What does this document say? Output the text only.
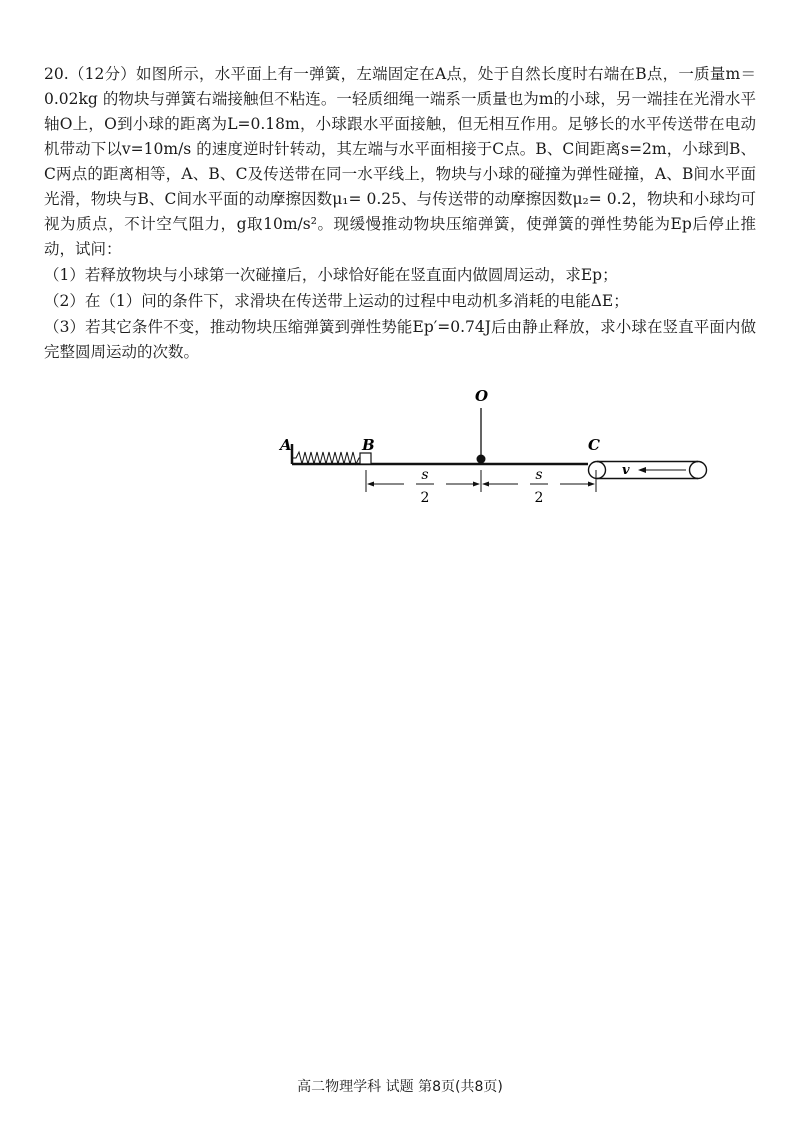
20.（12分）如图所示，水平面上有一弹簧，左端固定在A点，处于自然长度时右端在B点，一质量m＝0.02kg 的物块与弹簧右端接触但不粘连。一轻质细绳一端系一质量也为m的小球，另一端挂在光滑水平轴O上，O到小球的距离为L=0.18m，小球跟水平面接触，但无相互作用。足够长的水平传送带在电动机带动下以v=10m/s 的速度逆时针转动，其左端与水平面相接于C点。B、C间距离s=2m，小球到B、C两点的距离相等，A、B、C及传送带在同一水平线上，物块与小球的碰撞为弹性碰撞，A、B间水平面光滑，物块与B、C间水平面的动摩擦因数μ₁= 0.25、与传送带的动摩擦因数μ₂= 0.2，物块和小球均可视为质点，不计空气阻力，g取10m/s²。现缓慢推动物块压缩弹簧，使弹簧的弹性势能为Ep后停止推动，试问：

（1）若释放物块与小球第一次碰撞后，小球恰好能在竖直面内做圆周运动，求Ep；

（2）在（1）问的条件下，求滑块在传送带上运动的过程中电动机多消耗的电能ΔE；

（3）若其它条件不变，推动物块压缩弹簧到弹性势能Ep′=0.74J后由静止释放，求小球在竖直平面内做完整圆周运动的次数。

s
2
s
2
A	B	C
O
v
高二物理学科 试题 第8页(共8页)
